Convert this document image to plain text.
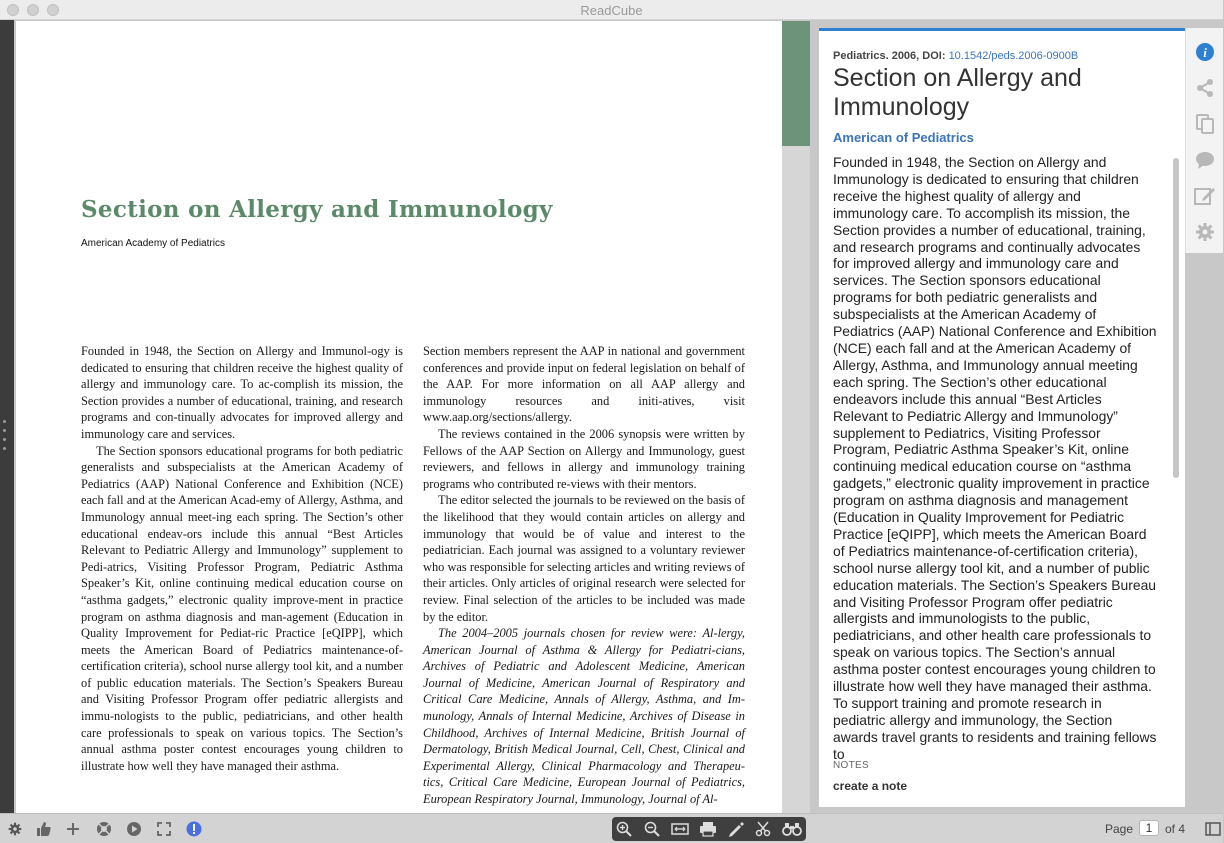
ReadCube
Section on Allergy and Immunology
American Academy of Pediatrics

Founded in 1948, the Section on Allergy and Immunol-ogy is dedicated to ensuring that children receive the highest quality of allergy and immunology care. To ac-complish its mission, the Section provides a number of educational, training, and research programs and con-tinually advocates for improved allergy and immunology care and services.

The Section sponsors educational programs for both pediatric generalists and subspecialists at the American Academy of Pediatrics (AAP) National Conference and Exhibition (NCE) each fall and at the American Acad-emy of Allergy, Asthma, and Immunology annual meet-ing each spring. The Section’s other educational endeav-ors include this annual “Best Articles Relevant to Pediatric Allergy and Immunology” supplement to Pedi-atrics, Visiting Professor Program, Pediatric Asthma Speaker’s Kit, online continuing medical education course on “asthma gadgets,” electronic quality improve-ment in practice program on asthma diagnosis and man-agement (Education in Quality Improvement for Pediat-ric Practice [eQIPP], which meets the American Board of Pediatrics maintenance-of-certification criteria), school nurse allergy tool kit, and a number of public education materials. The Section’s Speakers Bureau and Visiting Professor Program offer pediatric allergists and immu-nologists to the public, pediatricians, and other health care professionals to speak on various topics. The Section’s annual asthma poster contest encourages young children to illustrate how well they have managed their asthma.

Section members represent the AAP in national and government conferences and provide input on federal legislation on behalf of the AAP. For more information on all AAP allergy and immunology resources and initi-atives, visit www.aap.org/sections/allergy.

The reviews contained in the 2006 synopsis were written by Fellows of the AAP Section on Allergy and Immunology, guest reviewers, and fellows in allergy and immunology training programs who contributed re-views with their mentors.

The editor selected the journals to be reviewed on the basis of the likelihood that they would contain articles on allergy and immunology that would be of value and interest to the pediatrician. Each journal was assigned to a voluntary reviewer who was responsible for selecting articles and writing reviews of their articles. Only articles of original research were selected for review. Final selection of the articles to be included was made by the editor.

The 2004–2005 journals chosen for review were: Al-lergy, American Journal of Asthma & Allergy for Pediatri-cians, Archives of Pediatric and Adolescent Medicine, American Journal of Medicine, American Journal of Respiratory and Critical Care Medicine, Annals of Allergy, Asthma, and Im-munology, Annals of Internal Medicine, Archives of Disease in Childhood, Archives of Internal Medicine, British Journal of Dermatology, British Medical Journal, Cell, Chest, Clinical and Experimental Allergy, Clinical Pharmacology and Therapeu-tics, Critical Care Medicine, European Journal of Pediatrics, European Respiratory Journal, Immunology, Journal of Al-

Pediatrics. 2006, DOI: 10.1542/peds.2006-0900B
Section on Allergy and Immunology
American of Pediatrics
Founded in 1948, the Section on Allergy and Immunology is dedicated to ensuring that children receive the highest quality of allergy and immunology care. To accomplish its mission, the Section provides a number of educational, training, and research programs and continually advocates for improved allergy and immunology care and services. The Section sponsors educational programs for both pediatric generalists and subspecialists at the American Academy of Pediatrics (AAP) National Conference and Exhibition (NCE) each fall and at the American Academy of Allergy, Asthma, and Immunology annual meeting each spring. The Section’s other educational endeavors include this annual “Best Articles Relevant to Pediatric Allergy and Immunology” supplement to Pediatrics, Visiting Professor Program, Pediatric Asthma Speaker’s Kit, online continuing medical education course on “asthma gadgets,” electronic quality improvement in practice program on asthma diagnosis and management (Education in Quality Improvement for Pediatric Practice [eQIPP], which meets the American Board of Pediatrics maintenance-of-certification criteria), school nurse allergy tool kit, and a number of public education materials. The Section’s Speakers Bureau and Visiting Professor Program offer pediatric allergists and immunologists to the public, pediatricians, and other health care professionals to speak on various topics. The Section’s annual asthma poster contest encourages young children to illustrate how well they have managed their asthma. To support training and promote research in pediatric allergy and immunology, the Section awards travel grants to residents and training fellows to
NOTES
create a note
i
Page	1	of 4
